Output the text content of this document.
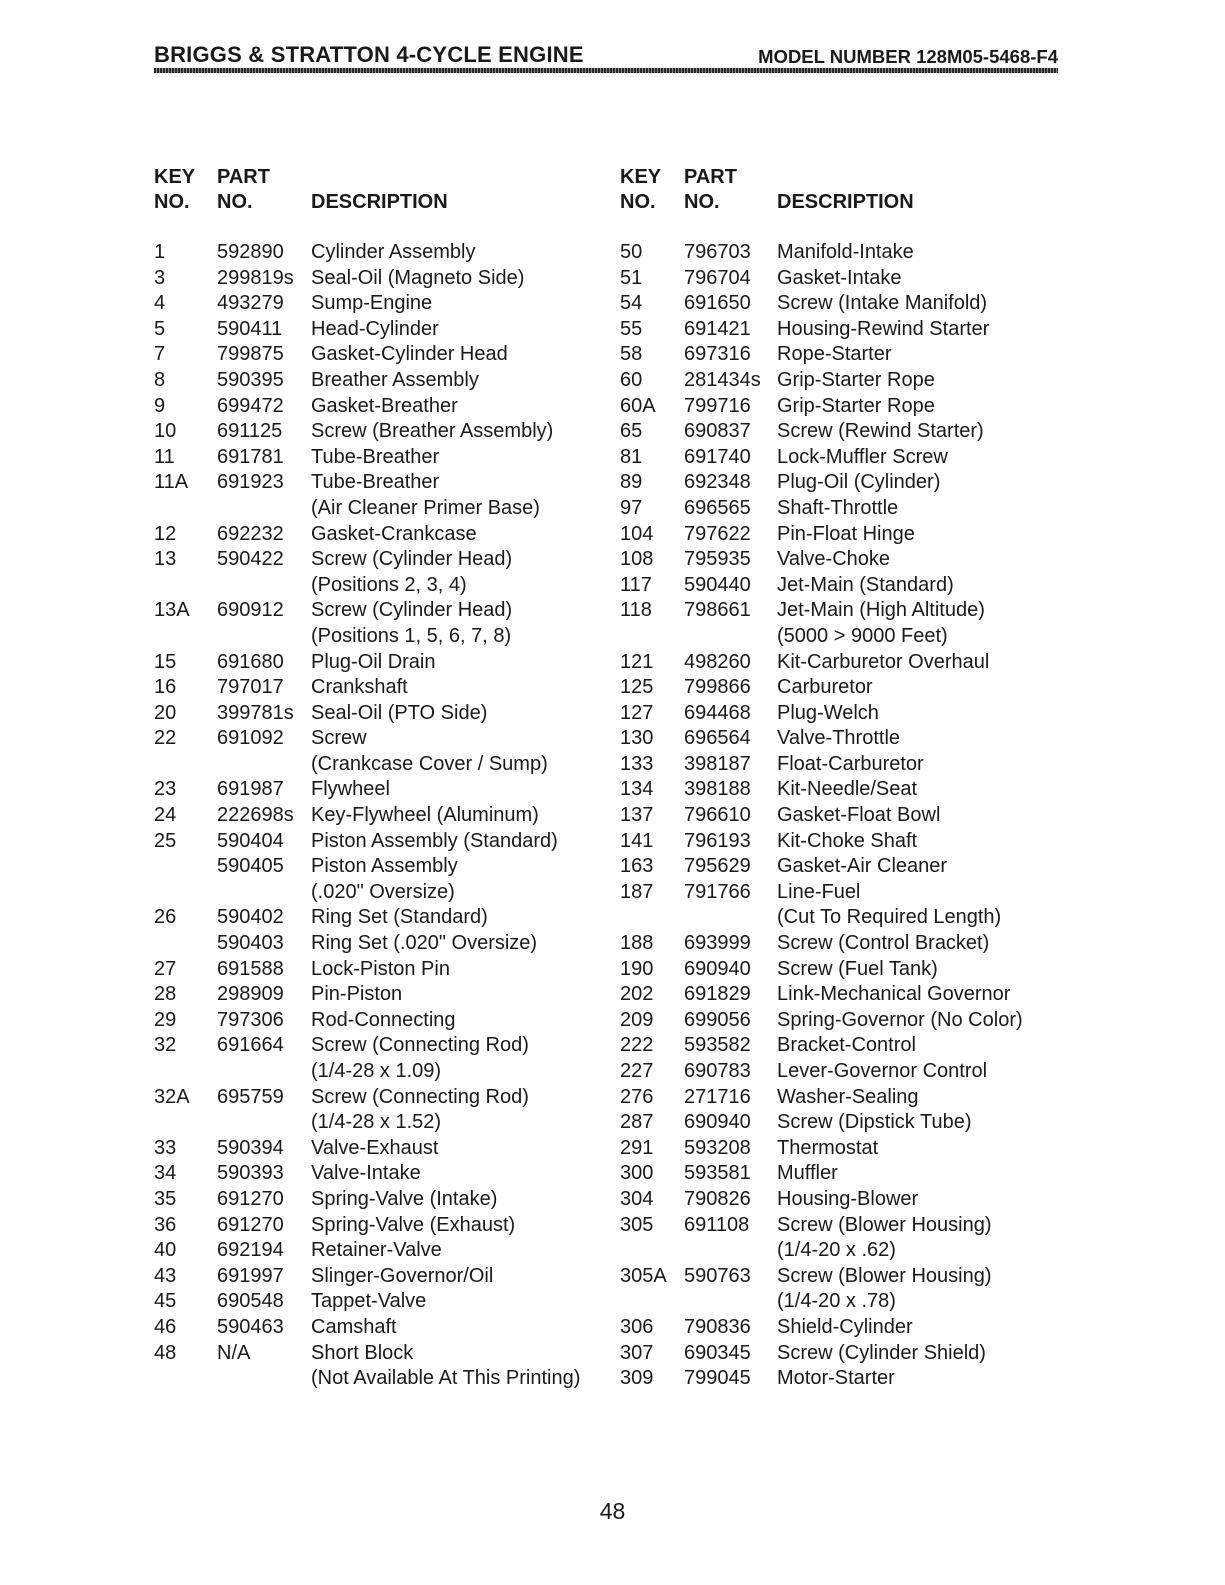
BRIGGS & STRATTON 4-CYCLE ENGINE	MODEL NUMBER 128M05-5468-F4
KEY
NO.
PART
NO.	DESCRIPTION
1	592890 Cylinder Assembly
3	299819s Seal-Oil (Magneto Side)
4	493279 Sump-Engine
5	590411 Head-Cylinder
7	799875 Gasket-Cylinder Head
8	590395 Breather Assembly
9	699472 Gasket-Breather
10 691125 Screw (Breather Assembly)
11 691781 Tube-Breather
11A 691923 Tube-Breather
(Air Cleaner Primer Base)
12 692232 Gasket-Crankcase
13 590422 Screw (Cylinder Head)
(Positions 2, 3, 4)
13A 690912 Screw (Cylinder Head)
(Positions 1, 5, 6, 7, 8)
15 691680 Plug-Oil Drain
16 797017 Crankshaft
20 399781s Seal-Oil (PTO Side)
22 691092 Screw
(Crankcase Cover / Sump)
23 691987 Flywheel
24 222698s Key-Flywheel (Aluminum)
25 590404 Piston Assembly (Standard)
590405 Piston Assembly
(.020" Oversize)
26 590402 Ring Set (Standard)
590403 Ring Set (.020" Oversize)
27 691588 Lock-Piston Pin
28 298909 Pin-Piston
29 797306 Rod-Connecting
32 691664 Screw (Connecting Rod)
(1/4-28 x 1.09)
32A 695759 Screw (Connecting Rod)
(1/4-28 x 1.52)
33 590394 Valve-Exhaust
34 590393 Valve-Intake
35 691270 Spring-Valve (Intake)
36 691270 Spring-Valve (Exhaust)
40 692194 Retainer-Valve
43 691997 Slinger-Governor/Oil
45 690548 Tappet-Valve
46 590463 Camshaft
48 N/A	Short Block
(Not Available At This Printing)
KEY
NO.
PART
NO.	DESCRIPTION
50 796703 Manifold-Intake
51 796704 Gasket-Intake
54 691650 Screw (Intake Manifold)
55 691421 Housing-Rewind Starter
58 697316 Rope-Starter
60 281434s Grip-Starter Rope
60A 799716 Grip-Starter Rope
65 690837 Screw (Rewind Starter)
81 691740 Lock-Muffler Screw
89 692348 Plug-Oil (Cylinder)
97 696565 Shaft-Throttle
104 797622 Pin-Float Hinge
108 795935 Valve-Choke
117 590440 Jet-Main (Standard)
118 798661 Jet-Main (High Altitude)
(5000 > 9000 Feet)
121 498260 Kit-Carburetor Overhaul
125 799866 Carburetor
127 694468 Plug-Welch
130 696564 Valve-Throttle
133 398187 Float-Carburetor
134 398188 Kit-Needle/Seat
137 796610 Gasket-Float Bowl
141 796193 Kit-Choke Shaft
163 795629 Gasket-Air Cleaner
187 791766 Line-Fuel
(Cut To Required Length)
188 693999 Screw (Control Bracket)
190 690940 Screw (Fuel Tank)
202 691829 Link-Mechanical Governor
209 699056 Spring-Governor (No Color)
222 593582 Bracket-Control
227 690783 Lever-Governor Control
276 271716 Washer-Sealing
287 690940 Screw (Dipstick Tube)
291 593208 Thermostat
300 593581 Muffler
304 790826 Housing-Blower
305 691108 Screw (Blower Housing)
(1/4-20 x .62)
305A 590763 Screw (Blower Housing)
(1/4-20 x .78)
306 790836 Shield-Cylinder
307 690345 Screw (Cylinder Shield)
309 799045 Motor-Starter
48
